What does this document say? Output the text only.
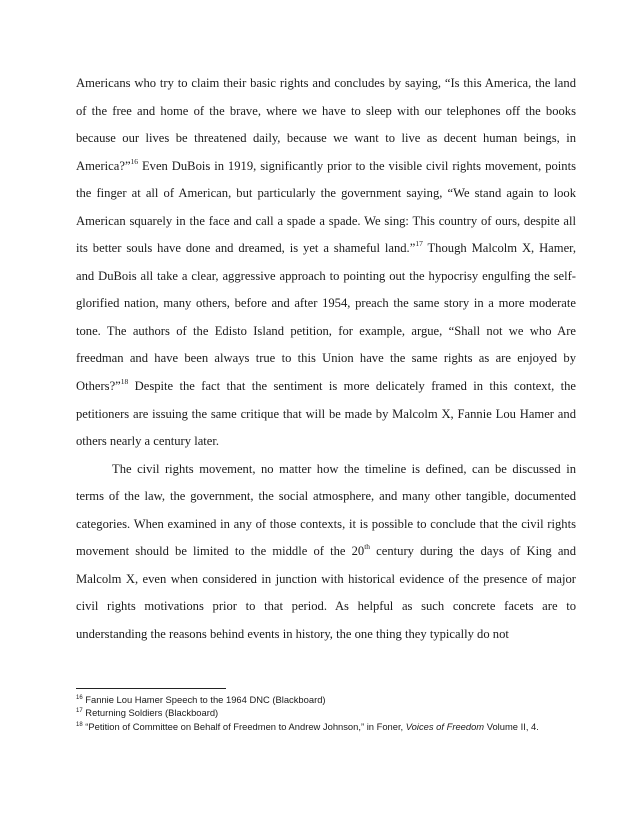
Americans who try to claim their basic rights and concludes by saying, “Is this America, the land
of the free and home of the brave, where we have to sleep with our telephones off the books
because our lives be threatened daily, because we want to live as decent human beings, in
America?”$^{16}$ Even DuBois in 1919, significantly prior to the visible civil rights movement, points
the finger at all of American, but particularly the government saying, “We stand again to look
American squarely in the face and call a spade a spade. We sing: This country of ours, despite all
its better souls have done and dreamed, is yet a shameful land.”$^{17}$ Though Malcolm X, Hamer,
and DuBois all take a clear, aggressive approach to pointing out the hypocrisy engulfing the self-
glorified nation, many others, before and after 1954, preach the same story in a more moderate
tone. The authors of the Edisto Island petition, for example, argue, “Shall not we who Are
freedman and have been always true to this Union have the same rights as are enjoyed by
Others?”$^{18}$ Despite the fact that the sentiment is more delicately framed in this context, the
petitioners are issuing the same critique that will be made by Malcolm X, Fannie Lou Hamer and
others nearly a century later.
The civil rights movement, no matter how the timeline is defined, can be discussed in
terms of the law, the government, the social atmosphere, and many other tangible, documented
categories. When examined in any of those contexts, it is possible to conclude that the civil rights
movement should be limited to the middle of the 20th century during the days of King and
Malcolm X, even when considered in junction with historical evidence of the presence of major
civil rights motivations prior to that period. As helpful as such concrete facets are to
understanding the reasons behind events in history, the one thing they typically do not
$^{16}$ Fannie Lou Hamer Speech to the 1964 DNC (Blackboard)
$^{17}$ Returning Soldiers (Blackboard)
$^{18}$ “Petition of Committee on Behalf of Freedmen to Andrew Johnson,” in Foner, Voices of Freedom Volume II, 4.
